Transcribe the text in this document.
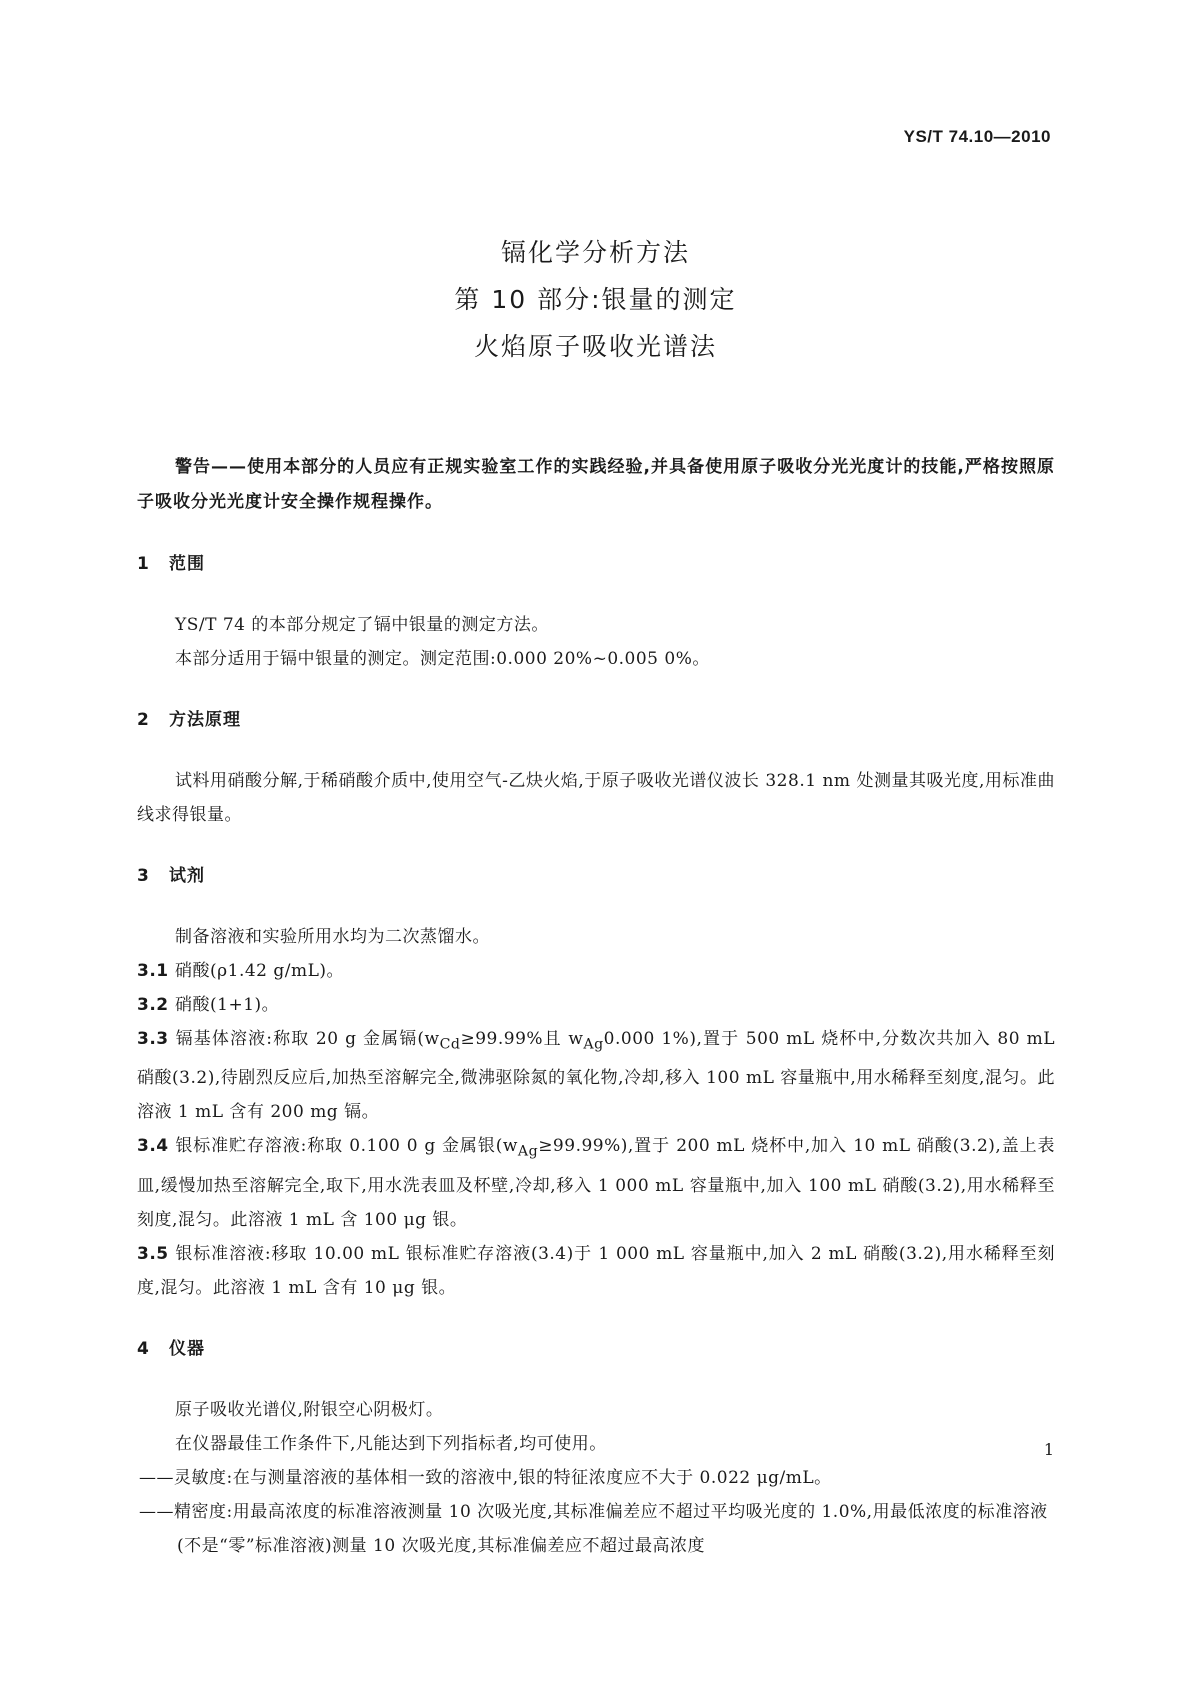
YS/T 74.10—2010
镉化学分析方法
第 10 部分:银量的测定
火焰原子吸收光谱法

警告——使用本部分的人员应有正规实验室工作的实践经验,并具备使用原子吸收分光光度计的技能,严格按照原子吸收分光光度计安全操作规程操作。

1 范围

YS/T 74 的本部分规定了镉中银量的测定方法。

本部分适用于镉中银量的测定。测定范围:0.000 20%~0.005 0%。

2 方法原理

试料用硝酸分解,于稀硝酸介质中,使用空气-乙炔火焰,于原子吸收光谱仪波长 328.1 nm 处测量其吸光度,用标准曲线求得银量。

3 试剂

制备溶液和实验所用水均为二次蒸馏水。

3.1 硝酸(ρ1.42 g/mL)。

3.2 硝酸(1+1)。

3.3 镉基体溶液:称取 20 g 金属镉($w_{Cd}\ge 99.99\%$且 $w_{Ag}0.000$ 1%),置于 500 mL 烧杯中,分数次共加入 80 mL 硝酸(3.2),待剧烈反应后,加热至溶解完全,微沸驱除氮的氧化物,冷却,移入 100 mL 容量瓶中,用水稀释至刻度,混匀。此溶液 1 mL 含有 200 mg 镉。

3.4 银标准贮存溶液:称取 0.100 0 g 金属银$(w_{Ag}\ge 99.99\%)$,置于 200 mL 烧杯中,加入 10 mL 硝酸(3.2),盖上表皿,缓慢加热至溶解完全,取下,用水洗表皿及杯壁,冷却,移入 1 000 mL 容量瓶中,加入 100 mL 硝酸(3.2),用水稀释至刻度,混匀。此溶液 1 mL 含 100 μg 银。

3.5 银标准溶液:移取 10.00 mL 银标准贮存溶液(3.4)于 1 000 mL 容量瓶中,加入 2 mL 硝酸(3.2),用水稀释至刻度,混匀。此溶液 1 mL 含有 10 μg 银。

4 仪器

原子吸收光谱仪,附银空心阴极灯。

在仪器最佳工作条件下,凡能达到下列指标者,均可使用。

——灵敏度:在与测量溶液的基体相一致的溶液中,银的特征浓度应不大于 0.022 μg/mL。

——精密度:用最高浓度的标准溶液测量 10 次吸光度,其标准偏差应不超过平均吸光度的 1.0%,用最低浓度的标准溶液(不是“零”标准溶液)测量 10 次吸光度,其标准偏差应不超过最高浓度

1
